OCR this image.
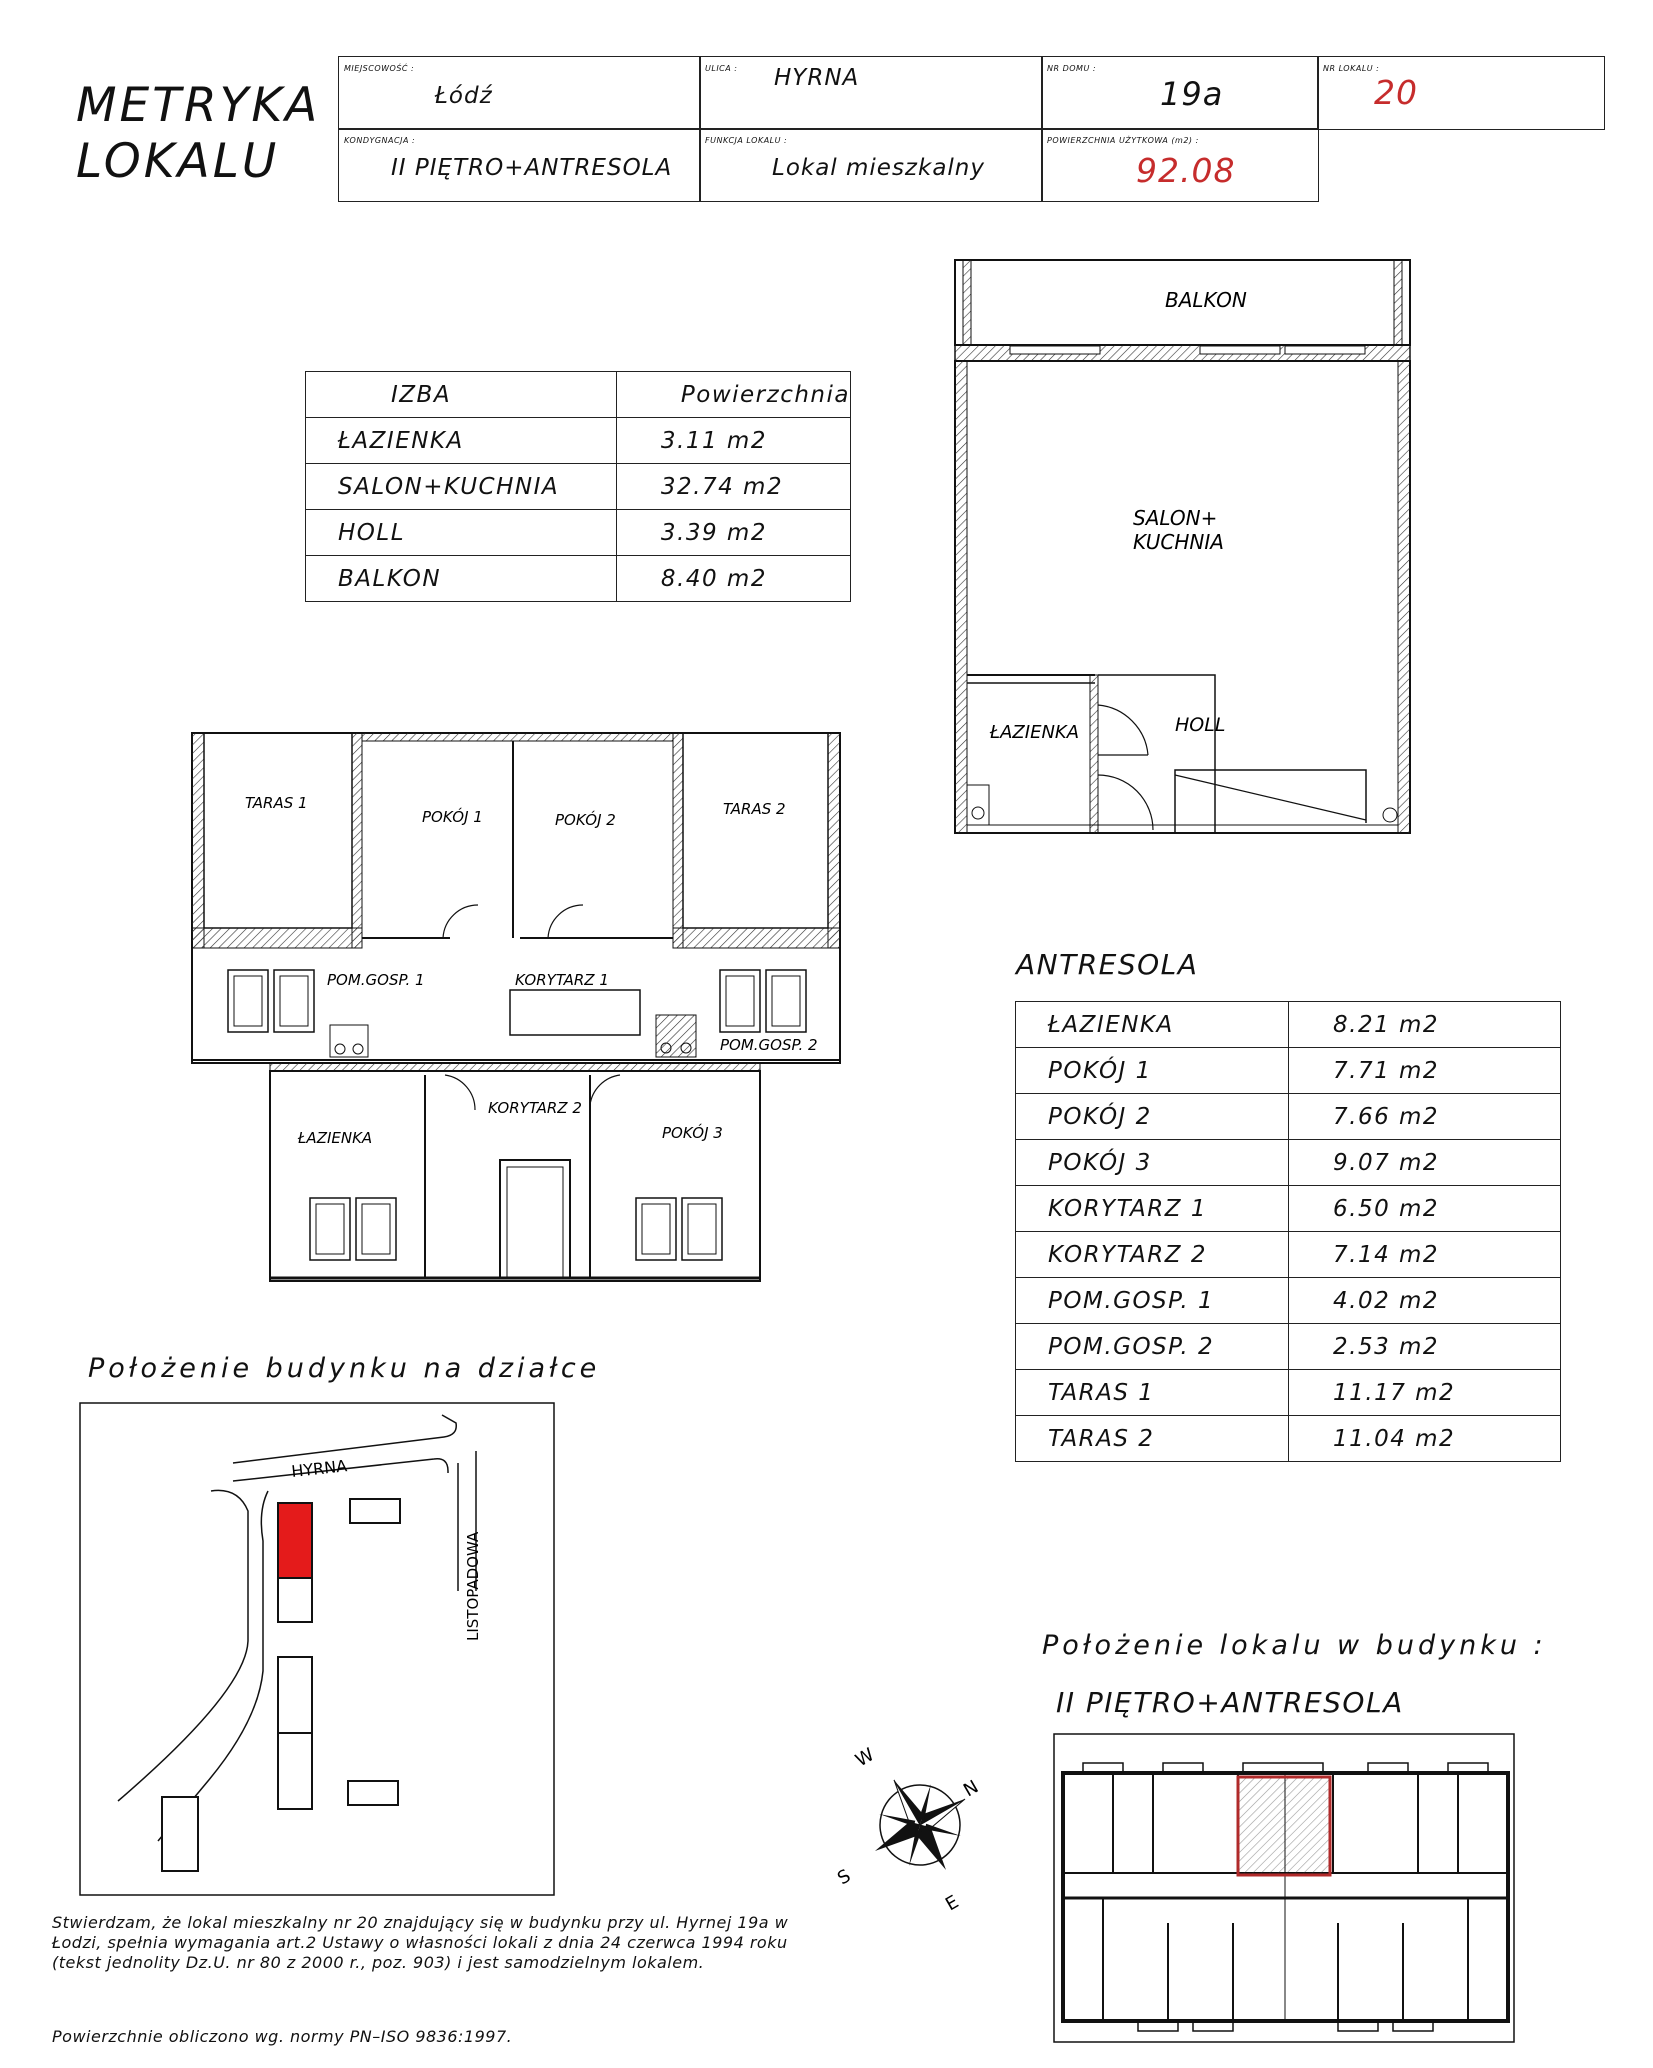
METRYKA
LOKALU
MIEJSCOWOŚĆ :
Łódź
ULICA : HYRNA	NR DOMU :
19a
NR LOKALU :
20
KONDYGNACJA :
II PIĘTRO+ANTRESOLA
FUNKCJA LOKALU :
Lokal mieszkalny
POWIERZCHNIA UŻYTKOWA (m2) :
92.08
IZBA	Powierzchnia
ŁAZIENKA	3.11 m2
SALON+KUCHNIA	32.74 m2
HOLL	3.39 m2
BALKON	8.40 m2
ANTRESOLA
ŁAZIENKA	8.21 m2
POKÓJ 1	7.71 m2
POKÓJ 2	7.66 m2
POKÓJ 3	9.07 m2
KORYTARZ 1	6.50 m2
KORYTARZ 2	7.14 m2
POM.GOSP. 1	4.02 m2
POM.GOSP. 2	2.53 m2
TARAS 1	11.17 m2
TARAS 2	11.04 m2
BALKON
SALON+
KUCHNIA
ŁAZIENKA	HOLL
TARAS 1	TARAS 2
POKÓJ 1	POKÓJ 2
POM.GOSP. 1	KORYTARZ 1
POM.GOSP. 2
KORYTARZ 2
ŁAZIENKA	POKÓJ 3
Położenie budynku na działce
HYRNA
LISTOPADOWA
Położenie lokalu w budynku :
II PIĘTRO+ANTRESOLA
W
N
S
E
Stwierdzam, że lokal mieszkalny nr 20 znajdujący się w budynku przy ul. Hyrnej 19a w Łodzi, spełnia wymagania art.2 Ustawy o własności lokali z dnia 24 czerwca 1994 roku (tekst jednolity Dz.U. nr 80 z 2000 r., poz. 903) i jest samodzielnym lokalem.
Powierzchnie obliczono wg. normy PN–ISO 9836:1997.
